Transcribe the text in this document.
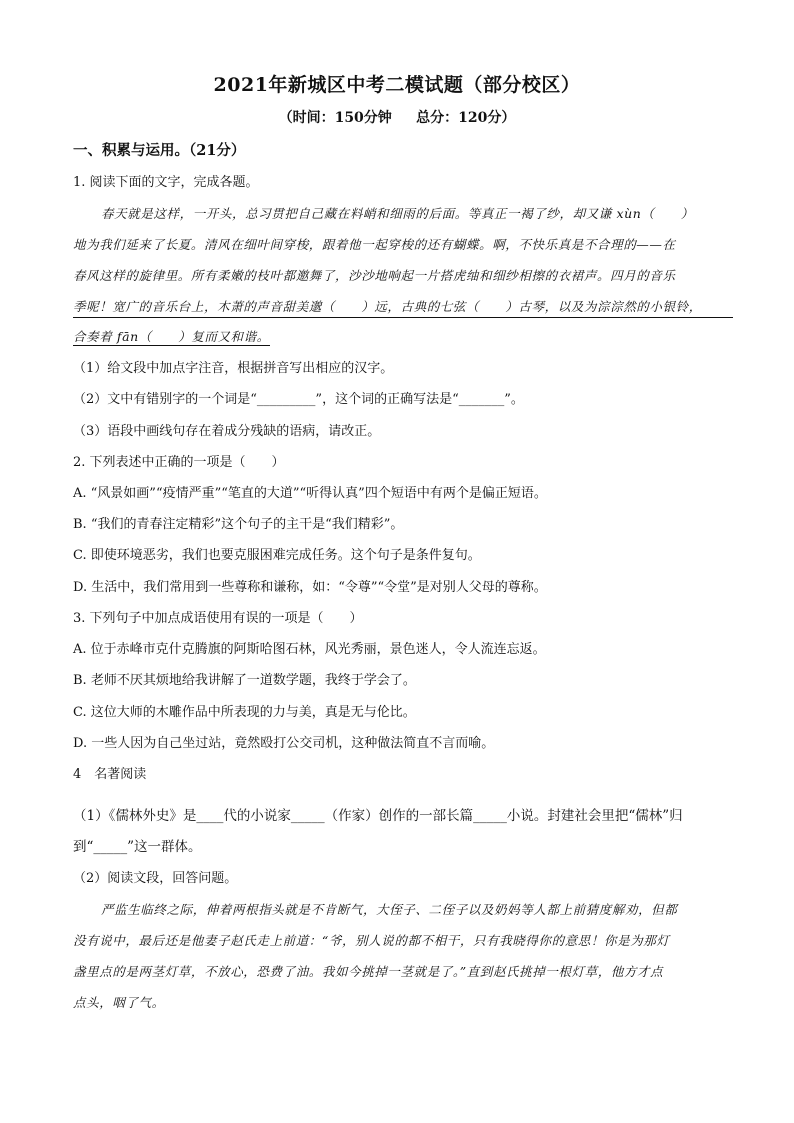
2021年新城区中考二模试题（部分校区）
（时间：150分钟     总分：120分）
一、积累与运用。（21分）
1. 阅读下面的文字，完成各题。
春天就是这样，一开头，总习贯把自己藏在料峭和细雨的后面。等真正一褐了纱，却又谦 xùn（　　）
地为我们延来了长夏。清风在细叶间穿梭，跟着他一起穿梭的还有蝴蝶。啊，不快乐真是不合理的——在
春风这样的旋律里。所有柔嫩的枝叶都邀舞了，沙沙地响起一片搭虎䌷和细纱相擦的衣裙声。四月的音乐
季呢！宽广的音乐台上，木萧的声音甜美邈（　　）远，古典的七弦（　　）古琴，以及为淙淙然的小银铃，
合奏着 fān（　　）复而又和谐。
（1）给文段中加点字注音，根据拼音写出相应的汉字。
（2）文中有错别字的一个词是“_________”，这个词的正确写法是“_______”。
（3）语段中画线句存在着成分残缺的语病，请改正。
2. 下列表述中正确的一项是（　　）
A. “风景如画”“疫情严重”“笔直的大道”“听得认真”四个短语中有两个是偏正短语。
B. “我们的青春注定精彩”这个句子的主干是“我们精彩”。
C. 即使环境恶劣，我们也要克服困难完成任务。这个句子是条件复句。
D. 生活中，我们常用到一些尊称和谦称，如：“令尊”“令堂”是对别人父母的尊称。
3. 下列句子中加点成语使用有误的一项是（　　）
A. 位于赤峰市克什克腾旗的阿斯哈图石林，风光秀丽，景色迷人，令人流连忘返。
B. 老师不厌其烦地给我讲解了一道数学题，我终于学会了。
C. 这位大师的木雕作品中所表现的力与美，真是无与伦比。
D. 一些人因为自己坐过站，竟然殴打公交司机，这种做法简直不言而喻。
4　名著阅读
（1）《儒林外史》是____代的小说家_____（作家）创作的一部长篇_____小说。封建社会里把“儒林”归
到“_____”这一群体。
（2）阅读文段，回答问题。
严监生临终之际，伸着两根指头就是不肯断气，大侄子、二侄子以及奶妈等人都上前猜度解劝，但都
没有说中，最后还是他妻子赵氏走上前道：“爷，别人说的都不相干，只有我晓得你的意思！你是为那灯
盏里点的是两茎灯草，不放心，恐费了油。我如今挑掉一茎就是了。”直到赵氏挑掉一根灯草，他方才点
点头，咽了气。
